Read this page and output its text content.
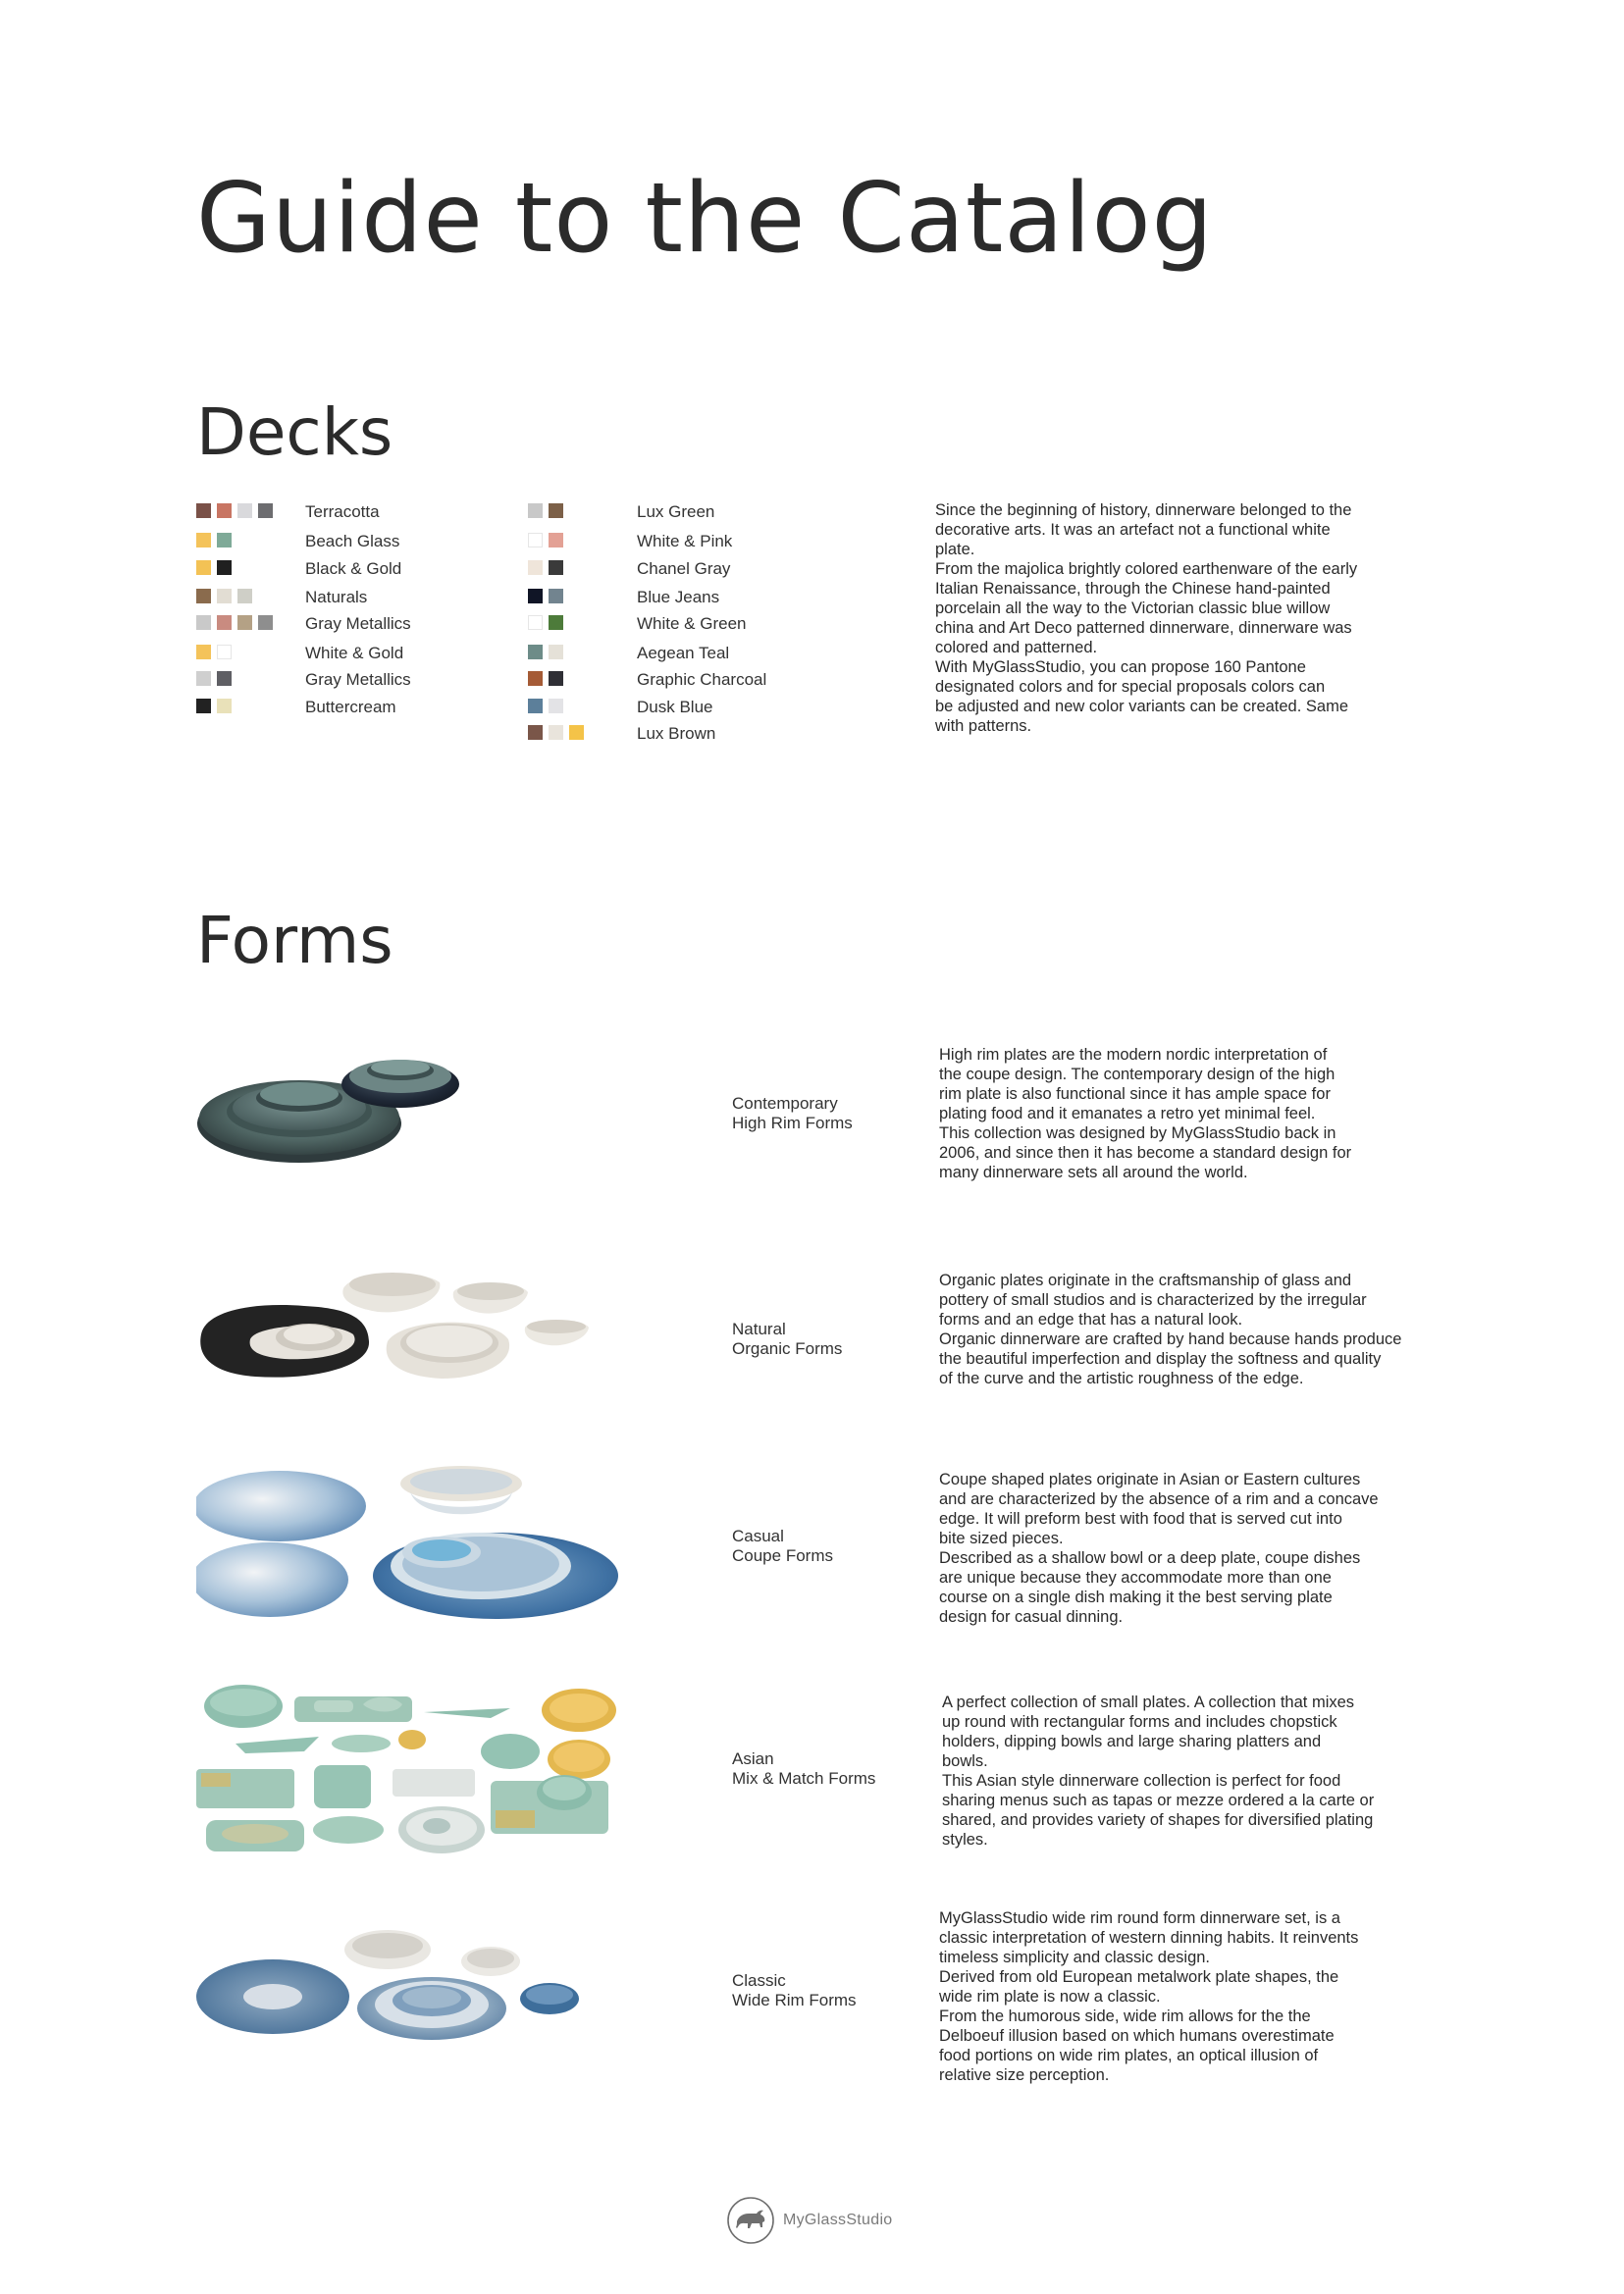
Guide to the Catalog
Decks
Terracotta
Beach Glass
Black & Gold
Naturals
Gray Metallics
White & Gold
Gray Metallics
Buttercream
Lux Green
White & Pink
Chanel Gray
Blue Jeans
White & Green
Aegean Teal
Graphic Charcoal
Dusk Blue
Lux Brown

Since the beginning of history, dinnerware belonged to the
decorative arts. It was an artefact not a functional white
plate.
From the majolica brightly colored earthenware of the early
Italian Renaissance, through the Chinese hand-painted
porcelain all the way to the Victorian classic blue willow
china and Art Deco patterned dinnerware, dinnerware was
colored and patterned.
With MyGlassStudio, you can propose 160 Pantone
designated colors and for special proposals colors can
be adjusted and new color variants can be created. Same
with patterns.

Forms

Contemporary
High Rim Forms

High rim plates are the modern nordic interpretation of
the coupe design. The contemporary design of the high
rim plate is also functional since it has ample space for
plating food and it emanates a retro yet minimal feel.
This collection was designed by MyGlassStudio back in
2006, and since then it has become a standard design for
many dinnerware sets all around the world.

Natural
Organic Forms

Organic plates originate in the craftsmanship of glass and
pottery of small studios and is characterized by the irregular
forms and an edge that has a natural look.
Organic dinnerware are crafted by hand because hands produce
the beautiful imperfection and display the softness and quality
of the curve and the artistic roughness of the edge.

Casual
Coupe Forms

Coupe shaped plates originate in Asian or Eastern cultures
and are characterized by the absence of a rim and a concave
edge. It will preform best with food that is served cut into
bite sized pieces.
Described as a shallow bowl or a deep plate, coupe dishes
are unique because they accommodate more than one
course on a single dish making it the best serving plate
design for casual dinning.

Asian
Mix & Match Forms

A perfect collection of small plates. A collection that mixes
up round with rectangular forms and includes chopstick
holders, dipping bowls and large sharing platters and
bowls.
This Asian style dinnerware collection is perfect for food
sharing menus such as tapas or mezze ordered a la carte or
shared, and provides variety of shapes for diversified plating
styles.

Classic
Wide Rim Forms

MyGlassStudio wide rim round form dinnerware set, is a
classic interpretation of western dinning habits. It reinvents
timeless simplicity and classic design.
Derived from old European metalwork plate shapes, the
wide rim plate is now a classic.
From the humorous side, wide rim allows for the the
Delboeuf illusion based on which humans overestimate
food portions on wide rim plates, an optical illusion of
relative size perception.

MyGlassStudio
